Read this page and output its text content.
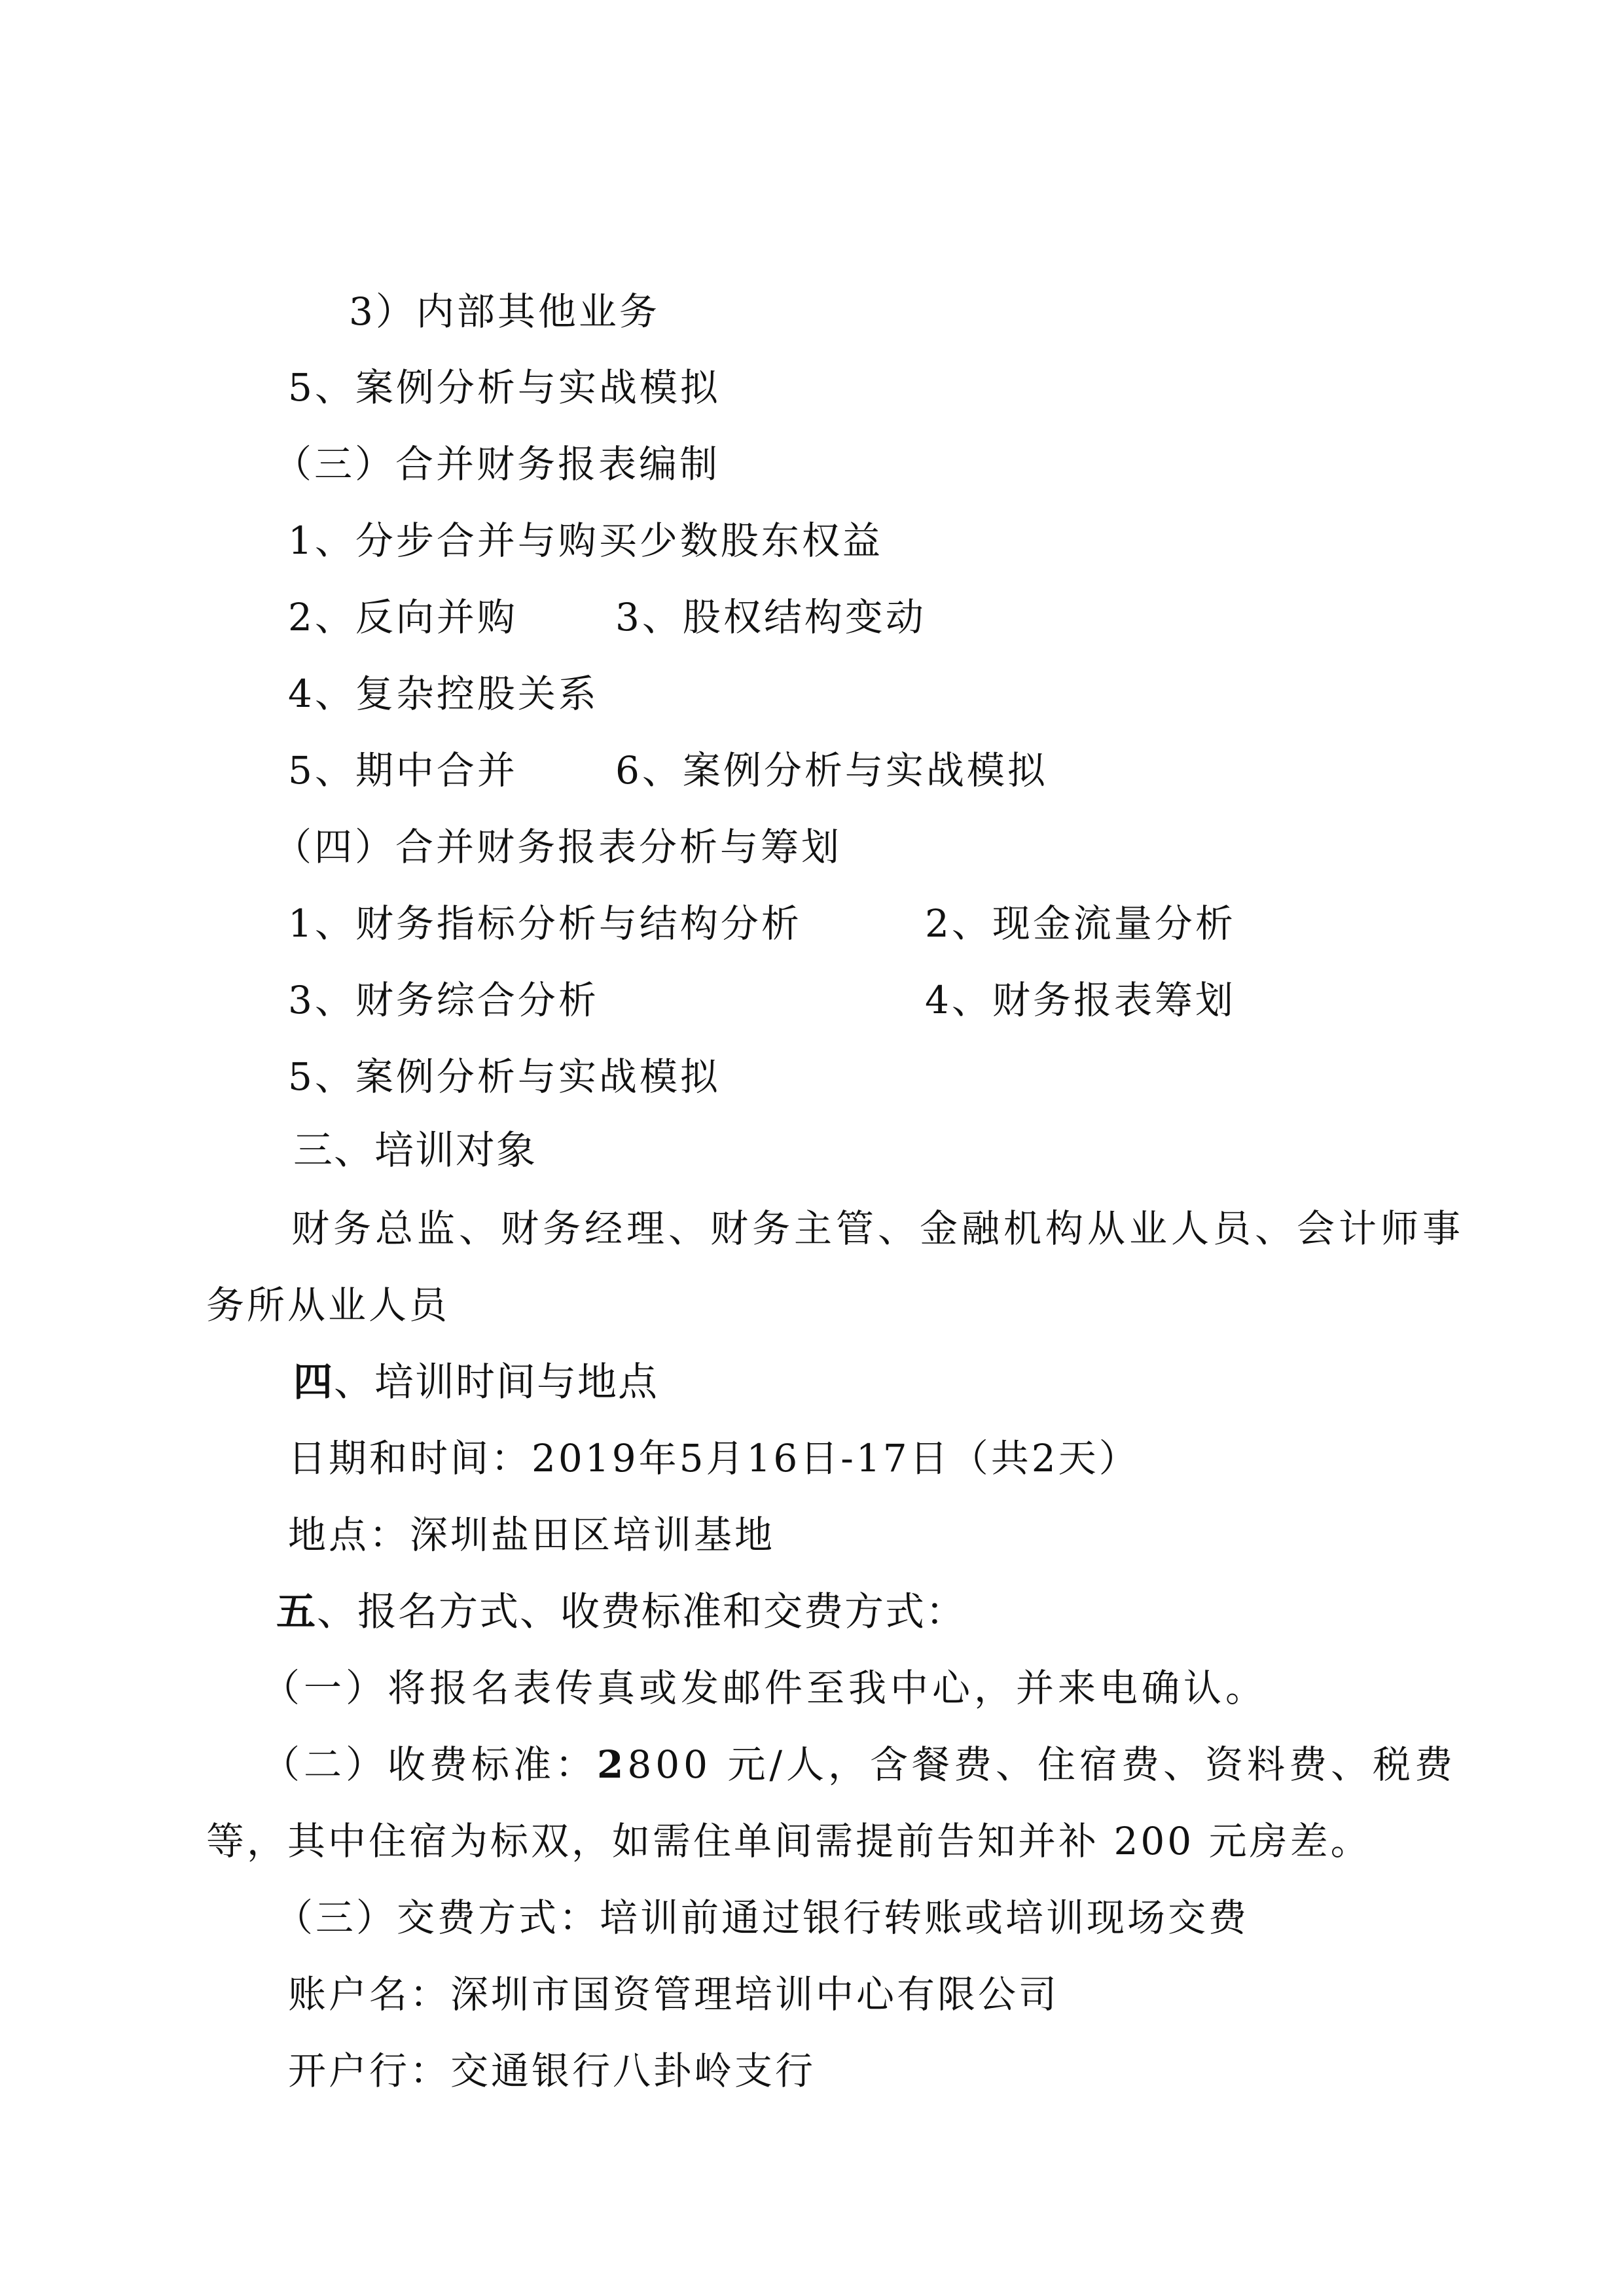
3）内部其他业务
5、案例分析与实战模拟
（三）合并财务报表编制
1、分步合并与购买少数股东权益
2、反向并购	3、股权结构变动
4、复杂控股关系
5、期中合并	6、案例分析与实战模拟
（四）合并财务报表分析与筹划
1、财务指标分析与结构分析	2、现金流量分析
3、财务综合分析	4、财务报表筹划
5、案例分析与实战模拟
三、培训对象
财务总监、财务经理、财务主管、金融机构从业人员、会计师事
务所从业人员
四、培训时间与地点
日期和时间：2019年5月16日-17日（共2天）
地点：深圳盐田区培训基地
五、报名方式、收费标准和交费方式：
（一）将报名表传真或发邮件至我中心，并来电确认。
（二）收费标准：2800 元/人，含餐费、住宿费、资料费、税费
等，其中住宿为标双，如需住单间需提前告知并补 200 元房差。
（三）交费方式：培训前通过银行转账或培训现场交费
账户名：深圳市国资管理培训中心有限公司
开户行：交通银行八卦岭支行
